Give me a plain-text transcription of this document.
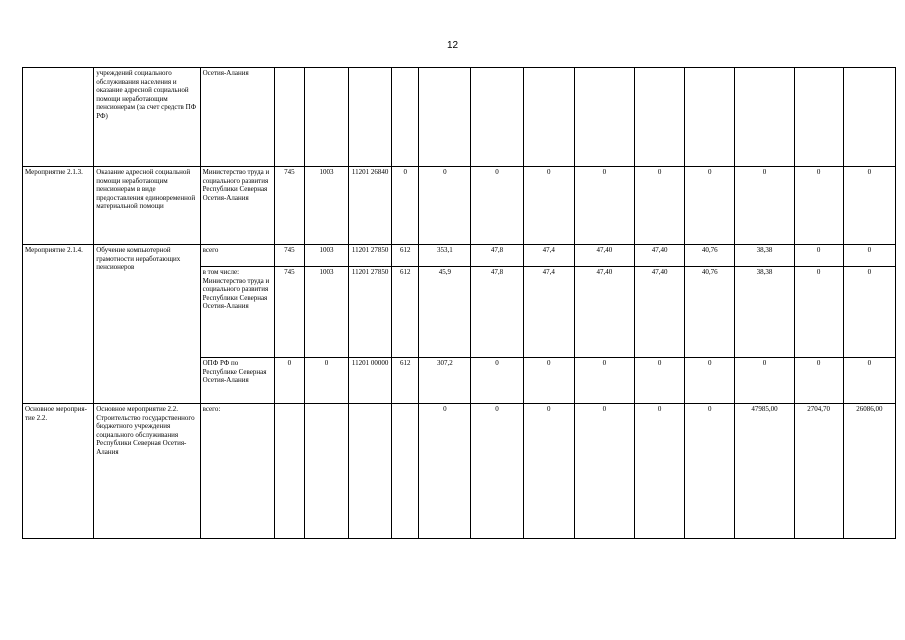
12
	учреждений социального обслуживания населения и оказание адресной социальной помощи неработающим пенсионерам (за счет средств ПФ РФ)	Осетия-Алания													
Мероприятие 2.1.3.	Оказание адресной социальной помощи неработающим пенсионерам в виде предоставления единовременной материальной помощи	Министерство труда и социального развития Республики Северная Осетия-Алания	745	1003	11201 26840	0	0	0	0	0	0	0	0	0	0
Мероприятие 2.1.4.	Обучение компьютерной грамотности неработающих пенсионеров	всего	745	1003	11201 27850	612	353,1	47,8	47,4	47,40	47,40	40,76	38,38	0	0
		в том числе: Министерство труда и социального развития Республики Северная Осетия-Алания	745	1003	11201 27850	612	45,9	47,8	47,4	47,40	47,40	40,76	38,38	0	0
		ОПФ РФ по Республике Северная Осетия-Алания	0	0	11201 00000	612	307,2	0	0	0	0	0	0	0	0
Основное мероприя-тие 2.2.	Основное мероприятие 2.2. Строительство государственного бюджетного учреждения социального обслуживания Республики Северная Осетия-Алания	всего:					0	0	0	0	0	0	47985,00	2704,70	26086,00
